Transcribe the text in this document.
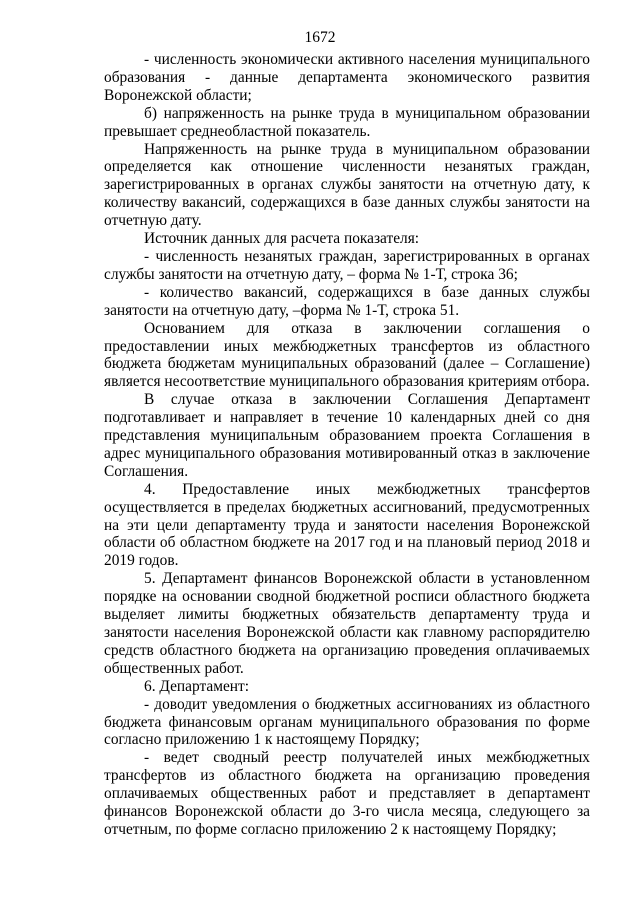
1672

- численность экономически активного населения муниципального образования - данные департамента экономического развития Воронежской области;

б) напряженность на рынке труда в муниципальном образовании превышает среднеобластной показатель.

Напряженность на рынке труда в муниципальном образовании определяется как отношение численности незанятых граждан, зарегистрированных в органах службы занятости на отчетную дату, к количеству вакансий, содержащихся в базе данных службы занятости на отчетную дату.

Источник данных для расчета показателя:

- численность незанятых граждан, зарегистрированных в органах службы занятости на отчетную дату, – форма № 1-Т, строка 36;

- количество вакансий, содержащихся в базе данных службы занятости на отчетную дату, –форма № 1-Т, строка 51.

Основанием для отказа в заключении соглашения о предоставлении иных межбюджетных трансфертов из областного бюджета бюджетам муниципальных образований (далее – Соглашение) является несоответствие муниципального образования критериям отбора.

В случае отказа в заключении Соглашения Департамент подготавливает и направляет в течение 10 календарных дней со дня представления муниципальным образованием проекта Соглашения в адрес муниципального образования мотивированный отказ в заключение Соглашения.

4. Предоставление иных межбюджетных трансфертов осуществляется в пределах бюджетных ассигнований, предусмотренных на эти цели департаменту труда и занятости населения Воронежской области об областном бюджете на 2017 год и на плановый период 2018 и 2019 годов.

5. Департамент финансов Воронежской области в установленном порядке на основании сводной бюджетной росписи областного бюджета выделяет лимиты бюджетных обязательств департаменту труда и занятости населения Воронежской области как главному распорядителю средств областного бюджета на организацию проведения оплачиваемых общественных работ.

6. Департамент:

- доводит уведомления о бюджетных ассигнованиях из областного бюджета финансовым органам муниципального образования по форме согласно приложению 1 к настоящему Порядку;

- ведет сводный реестр получателей иных межбюджетных трансфертов из областного бюджета на организацию проведения оплачиваемых общественных работ и представляет в департамент финансов Воронежской области до 3-го числа месяца, следующего за отчетным, по форме согласно приложению 2 к настоящему Порядку;
